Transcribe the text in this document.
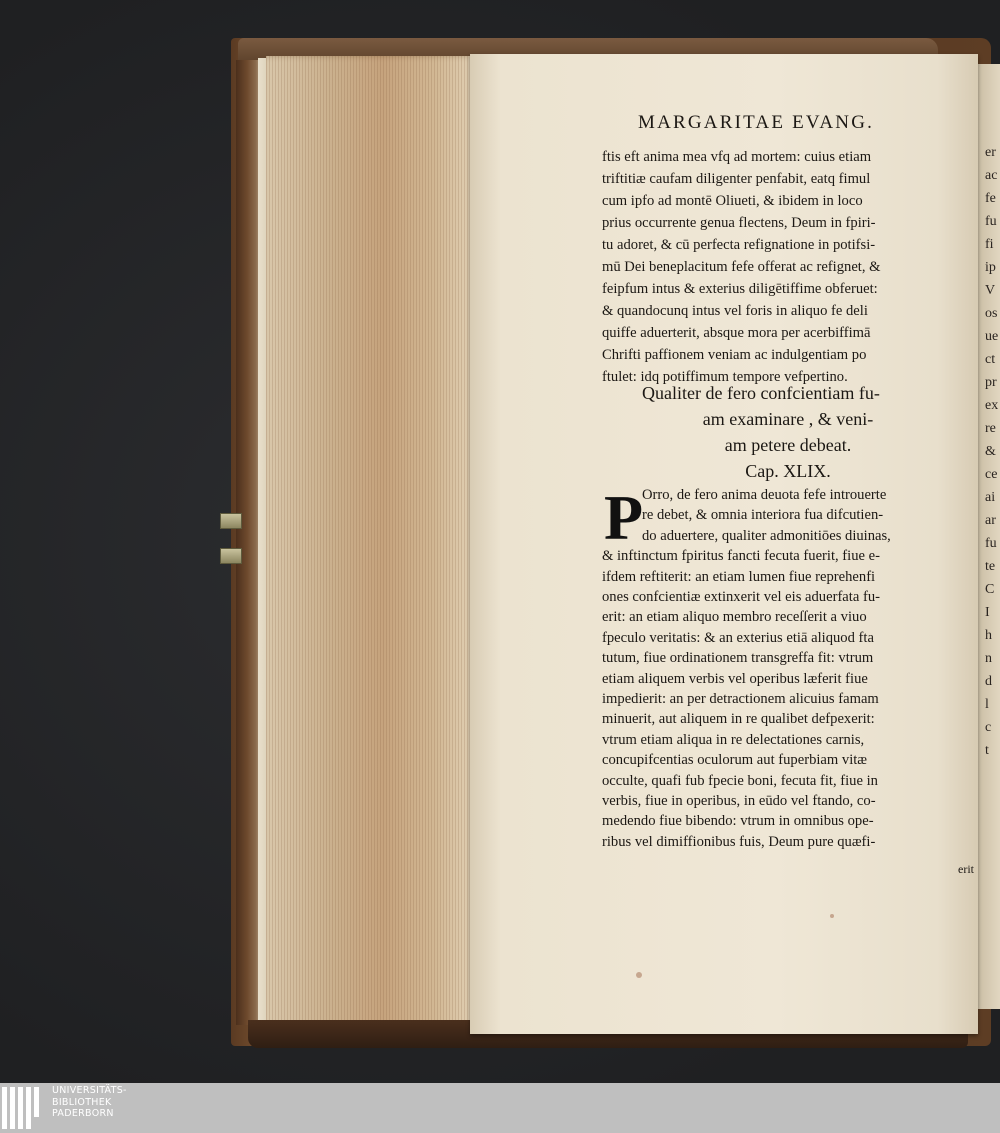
er
ac
fe
fu
fi
ip
V
os
ue
ct
pr
ex
re
&
ce
ai
ar
fu
te
C
I
h
n
d
l
c
t
MARGARITAE EVANG.
ftis eft anima mea vfq ad mortem: cuius etiam
triftitiæ caufam diligenter penfabit, eatq fimul
cum ipfo ad montē Oliueti, & ibidem in loco
prius occurrente genua flectens, Deum in fpiri-
tu adoret, & cū perfecta refignatione in potifsi-
mū Dei beneplacitum fefe offerat ac refignet, &
feipfum intus & exterius diligētiffime obferuet:
& quandocunq intus vel foris in aliquo fe deli
quiffe aduerterit, absque mora per acerbiffimā
Chrifti paffionem veniam ac indulgentiam po
ftulet: idq potiffimum tempore vefpertino.
Qualiter de fero confcientiam fu-
am examinare , & veni-
am petere debeat.
Cap. XLIX.
P
Orro, de fero anima deuota fefe introuerte
re debet, & omnia interiora fua difcutien-
do aduertere, qualiter admonitiōes diuinas,
& inftinctum fpiritus fancti fecuta fuerit, fiue e-
ifdem reftiterit: an etiam lumen fiue reprehenfi
ones confcientiæ extinxerit vel eis aduerfata fu-
erit: an etiam aliquo membro receſſerit a viuo
fpeculo veritatis: & an exterius etiā aliquod fta
tutum, fiue ordinationem transgreffa fit: vtrum
etiam aliquem verbis vel operibus læferit fiue
impedierit: an per detractionem alicuius famam
minuerit, aut aliquem in re qualibet defpexerit:
vtrum etiam aliqua in re delectationes carnis,
concupifcentias oculorum aut fuperbiam vitæ
occulte, quafi fub fpecie boni, fecuta fit, fiue in
verbis, fiue in operibus, in eūdo vel ftando, co-
medendo fiue bibendo: vtrum in omnibus ope-
ribus vel dimiffionibus fuis, Deum pure quæfi-
erit
UNIVERSITÄTS-
BIBLIOTHEK
PADERBORN
